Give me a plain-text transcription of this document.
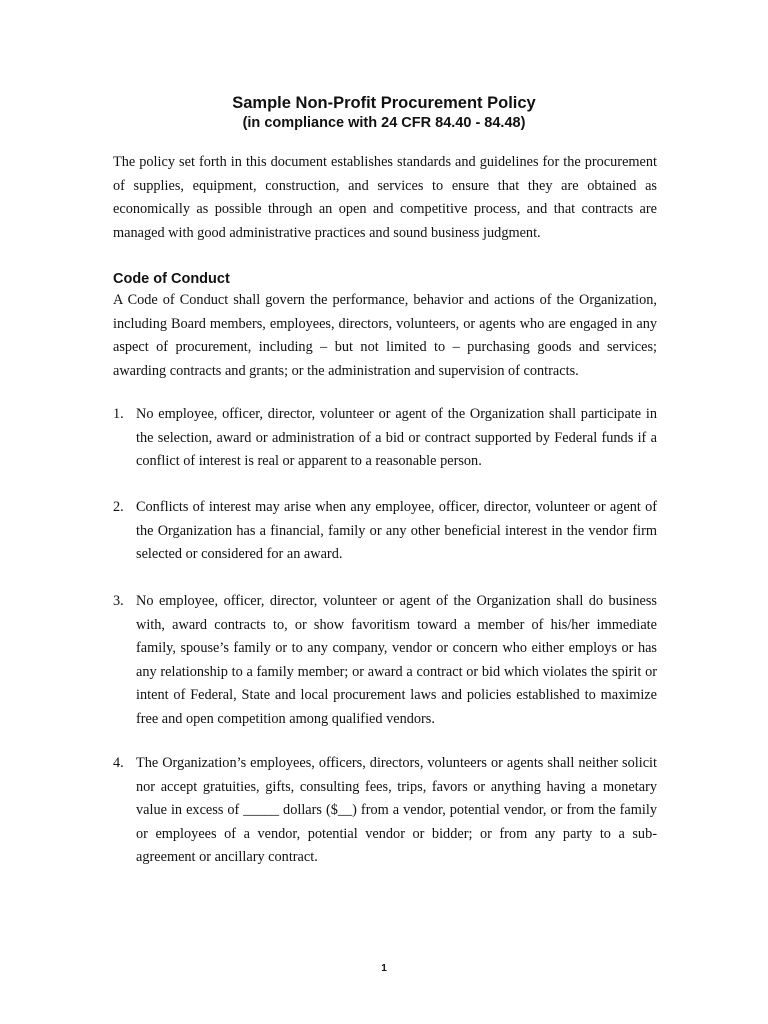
Sample Non-Profit Procurement Policy
(in compliance with 24 CFR 84.40 - 84.48)

The policy set forth in this document establishes standards and guidelines for the procurement of supplies, equipment, construction, and services to ensure that they are obtained as economically as possible through an open and competitive process, and that contracts are managed with good administrative practices and sound business judgment.

Code of Conduct

A Code of Conduct shall govern the performance, behavior and actions of the Organization, including Board members, employees, directors, volunteers, or agents who are engaged in any aspect of procurement, including – but not limited to – purchasing goods and services; awarding contracts and grants; or the administration and supervision of contracts.

1. No employee, officer, director, volunteer or agent of the Organization shall participate in the selection, award or administration of a bid or contract supported by Federal funds if a conflict of interest is real or apparent to a reasonable person.
2. Conflicts of interest may arise when any employee, officer, director, volunteer or agent of the Organization has a financial, family or any other beneficial interest in the vendor firm selected or considered for an award.
3. No employee, officer, director, volunteer or agent of the Organization shall do business with, award contracts to, or show favoritism toward a member of his/her immediate family, spouse’s family or to any company, vendor or concern who either employs or has any relationship to a family member; or award a contract or bid which violates the spirit or intent of Federal, State and local procurement laws and policies established to maximize free and open competition among qualified vendors.
4. The Organization’s employees, officers, directors, volunteers or agents shall neither solicit nor accept gratuities, gifts, consulting fees, trips, favors or anything having a monetary value in excess of _____ dollars ($__) from a vendor, potential vendor, or from the family or employees of a vendor, potential vendor or bidder; or from any party to a sub-agreement or ancillary contract.
1
